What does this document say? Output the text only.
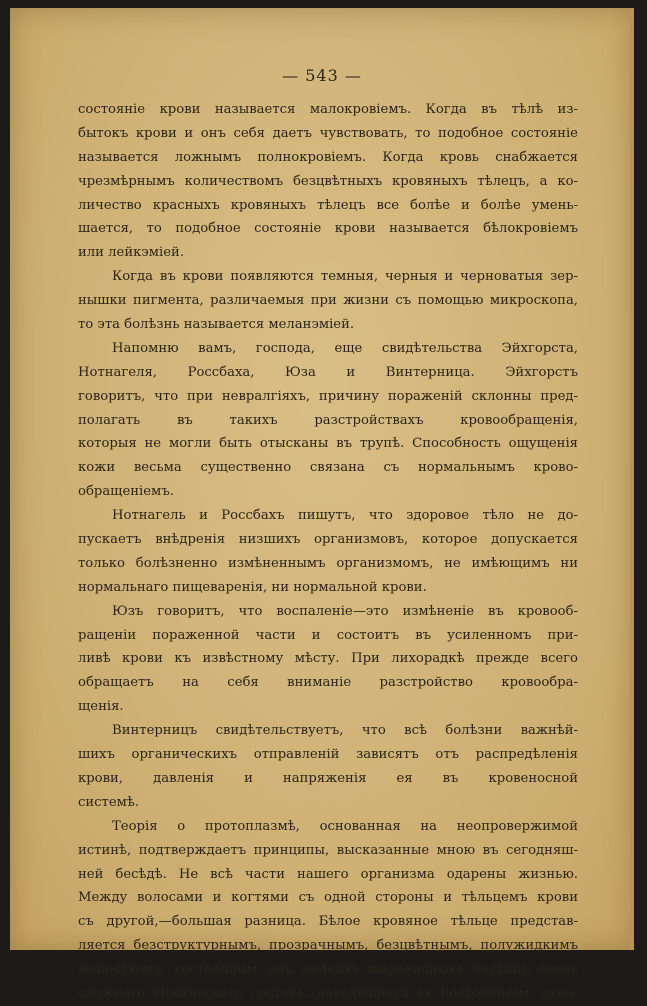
— 543 —
состояніе крови называется малокровіемъ. Когда въ тѣлѣ из-
бытокъ крови и онъ себя даетъ чувствовать, то подобное состояніе
называется ложнымъ полнокровіемъ. Когда кровь снабжается
чрезмѣрнымъ количествомъ безцвѣтныхъ кровяныхъ тѣлецъ, а ко-
личество красныхъ кровяныхъ тѣлецъ все болѣе и болѣе умень-
шается, то подобное состояніе крови называется бѣлокровіемъ
или лейкэміей.
Когда въ крови появляются темныя, черныя и черноватыя зер-
нышки пигмента, различаемыя при жизни съ помощью микроскопа,
то эта болѣзнь называется меланэміей.
Напомню вамъ, господа, еще свидѣтельства Эйхгорста,
Нотнагеля, Россбаха, Юза и Винтерница. Эйхгорстъ
говоритъ, что при невралгіяхъ, причину пораженій склонны пред-
полагать въ такихъ разстройствахъ кровообращенія,
которыя не могли быть отысканы въ трупѣ. Способность ощущенія
кожи весьма существенно связана съ нормальнымъ крово-
обращеніемъ.
Нотнагель и Россбахъ пишутъ, что здоровое тѣло не до-
пускаетъ внѣдренія низшихъ организмовъ, которое допускается
только болѣзненно измѣненнымъ организмомъ, не имѣющимъ ни
нормальнаго пищеваренія, ни нормальной крови.
Юзъ говоритъ, что воспаленіе—это измѣненіе въ кровооб-
ращеніи пораженной части и состоитъ въ усиленномъ при-
ливѣ крови къ извѣстному мѣсту. При лихорадкѣ прежде всего
обращаетъ на себя вниманіе разстройство кровообра-
щенія.
Винтерницъ свидѣтельствуетъ, что всѣ болѣзни важнѣй-
шихъ органическихъ отправленій зависятъ отъ распредѣленія
крови, давленія и напряженія ея въ кровеносной
системѣ.
Теорія о протоплазмѣ, основанная на неопровержимой
истинѣ, подтверждаетъ принципы, высказанные мною въ сегодняш-
ней бесѣдѣ. Не всѣ части нашего организма одарены жизнью.
Между волосами и когтями съ одной стороны и тѣльцемъ крови
съ другой,—большая разница. Бѣлое кровяное тѣльце представ-
ляется безструктурнымъ, прозрачнымъ, безцвѣтнымъ, полужидкимъ
веществомъ, состоящимъ изъ мелкихъ шаровидныхъ частицъ очень
сложнаго химическаго состава, находящихся въ постоянномъ само-
